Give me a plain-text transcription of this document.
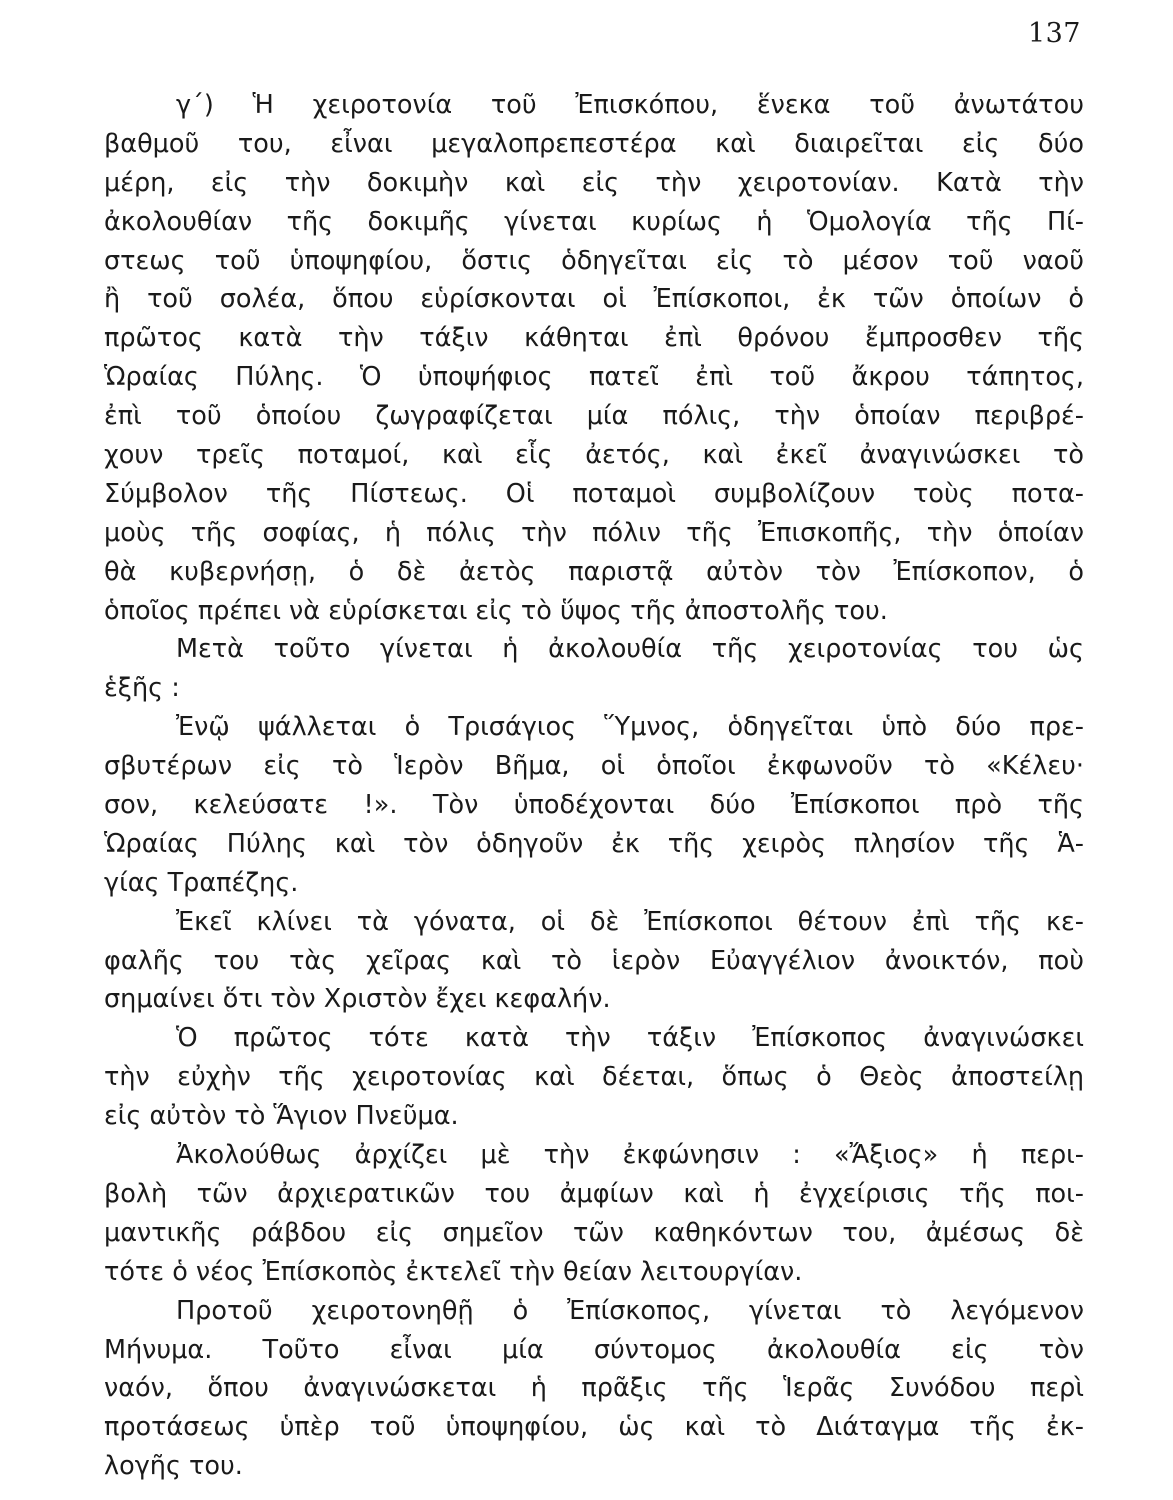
137
γ΄) Ἡ χειροτονία τοῦ Ἐπισκόπου, ἕνεκα τοῦ ἀνωτάτου
βαθμοῦ του, εἶναι μεγαλοπρεπεστέρα καὶ διαιρεῖται εἰς δύο
μέρη, εἰς τὴν δοκιμὴν καὶ εἰς τὴν χειροτονίαν. Κατὰ τὴν
ἀκολουθίαν τῆς δοκιμῆς γίνεται κυρίως ἡ Ὁμολογία τῆς Πί-
στεως τοῦ ὑποψηφίου, ὅστις ὁδηγεῖται εἰς τὸ μέσον τοῦ ναοῦ
ἢ τοῦ σολέα, ὅπου εὑρίσκονται οἱ Ἐπίσκοποι, ἐκ τῶν ὁποίων ὁ
πρῶτος κατὰ τὴν τάξιν κάθηται ἐπὶ θρόνου ἔμπροσθεν τῆς
Ὡραίας Πύλης. Ὁ ὑποψήφιος πατεῖ ἐπὶ τοῦ ἄκρου τάπητος,
ἐπὶ τοῦ ὁποίου ζωγραφίζεται μία πόλις, τὴν ὁποίαν περιβρέ-
χουν τρεῖς ποταμοί, καὶ εἷς ἀετός, καὶ ἐκεῖ ἀναγινώσκει τὸ
Σύμβολον τῆς Πίστεως. Οἱ ποταμοὶ συμβολίζουν τοὺς ποτα-
μοὺς τῆς σοφίας, ἡ πόλις τὴν πόλιν τῆς Ἐπισκοπῆς, τὴν ὁποίαν
θὰ κυβερνήσῃ, ὁ δὲ ἀετὸς παριστᾷ αὐτὸν τὸν Ἐπίσκοπον, ὁ
ὁποῖος πρέπει νὰ εὑρίσκεται εἰς τὸ ὕψος τῆς ἀποστολῆς του.
Μετὰ τοῦτο γίνεται ἡ ἀκολουθία τῆς χειροτονίας του ὡς
ἑξῆς :
Ἐνῷ ψάλλεται ὁ Τρισάγιος Ὕμνος, ὁδηγεῖται ὑπὸ δύο πρε-
σβυτέρων εἰς τὸ Ἱερὸν Βῆμα, οἱ ὁποῖοι ἐκφωνοῦν τὸ «Κέλευ·
σον, κελεύσατε !». Τὸν ὑποδέχονται δύο Ἐπίσκοποι πρὸ τῆς
Ὡραίας Πύλης καὶ τὸν ὁδηγοῦν ἐκ τῆς χειρὸς πλησίον τῆς Ἁ-
γίας Τραπέζης.
Ἐκεῖ κλίνει τὰ γόνατα, οἱ δὲ Ἐπίσκοποι θέτουν ἐπὶ τῆς κε-
φαλῆς του τὰς χεῖρας καὶ τὸ ἱερὸν Εὐαγγέλιον ἀνοικτόν, ποὺ
σημαίνει ὅτι τὸν Χριστὸν ἔχει κεφαλήν.
Ὁ πρῶτος τότε κατὰ τὴν τάξιν Ἐπίσκοπος ἀναγινώσκει
τὴν εὐχὴν τῆς χειροτονίας καὶ δέεται, ὅπως ὁ Θεὸς ἀποστείλῃ
εἰς αὐτὸν τὸ Ἅγιον Πνεῦμα.
Ἀκολούθως ἀρχίζει μὲ τὴν ἐκφώνησιν : «Ἄξιος» ἡ περι-
βολὴ τῶν ἀρχιερατικῶν του ἀμφίων καὶ ἡ ἐγχείρισις τῆς ποι-
μαντικῆς ράβδου εἰς σημεῖον τῶν καθηκόντων του, ἀμέσως δὲ
τότε ὁ νέος Ἐπίσκοπὸς ἐκτελεῖ τὴν θείαν λειτουργίαν.
Προτοῦ χειροτονηθῇ ὁ Ἐπίσκοπος, γίνεται τὸ λεγόμενον
Μήνυμα. Τοῦτο εἶναι μία σύντομος ἀκολουθία εἰς τὸν
ναόν, ὅπου ἀναγινώσκεται ἡ πρᾶξις τῆς Ἱερᾶς Συνόδου περὶ
προτάσεως ὑπὲρ τοῦ ὑποψηφίου, ὡς καὶ τὸ Διάταγμα τῆς ἐκ-
λογῆς του.
